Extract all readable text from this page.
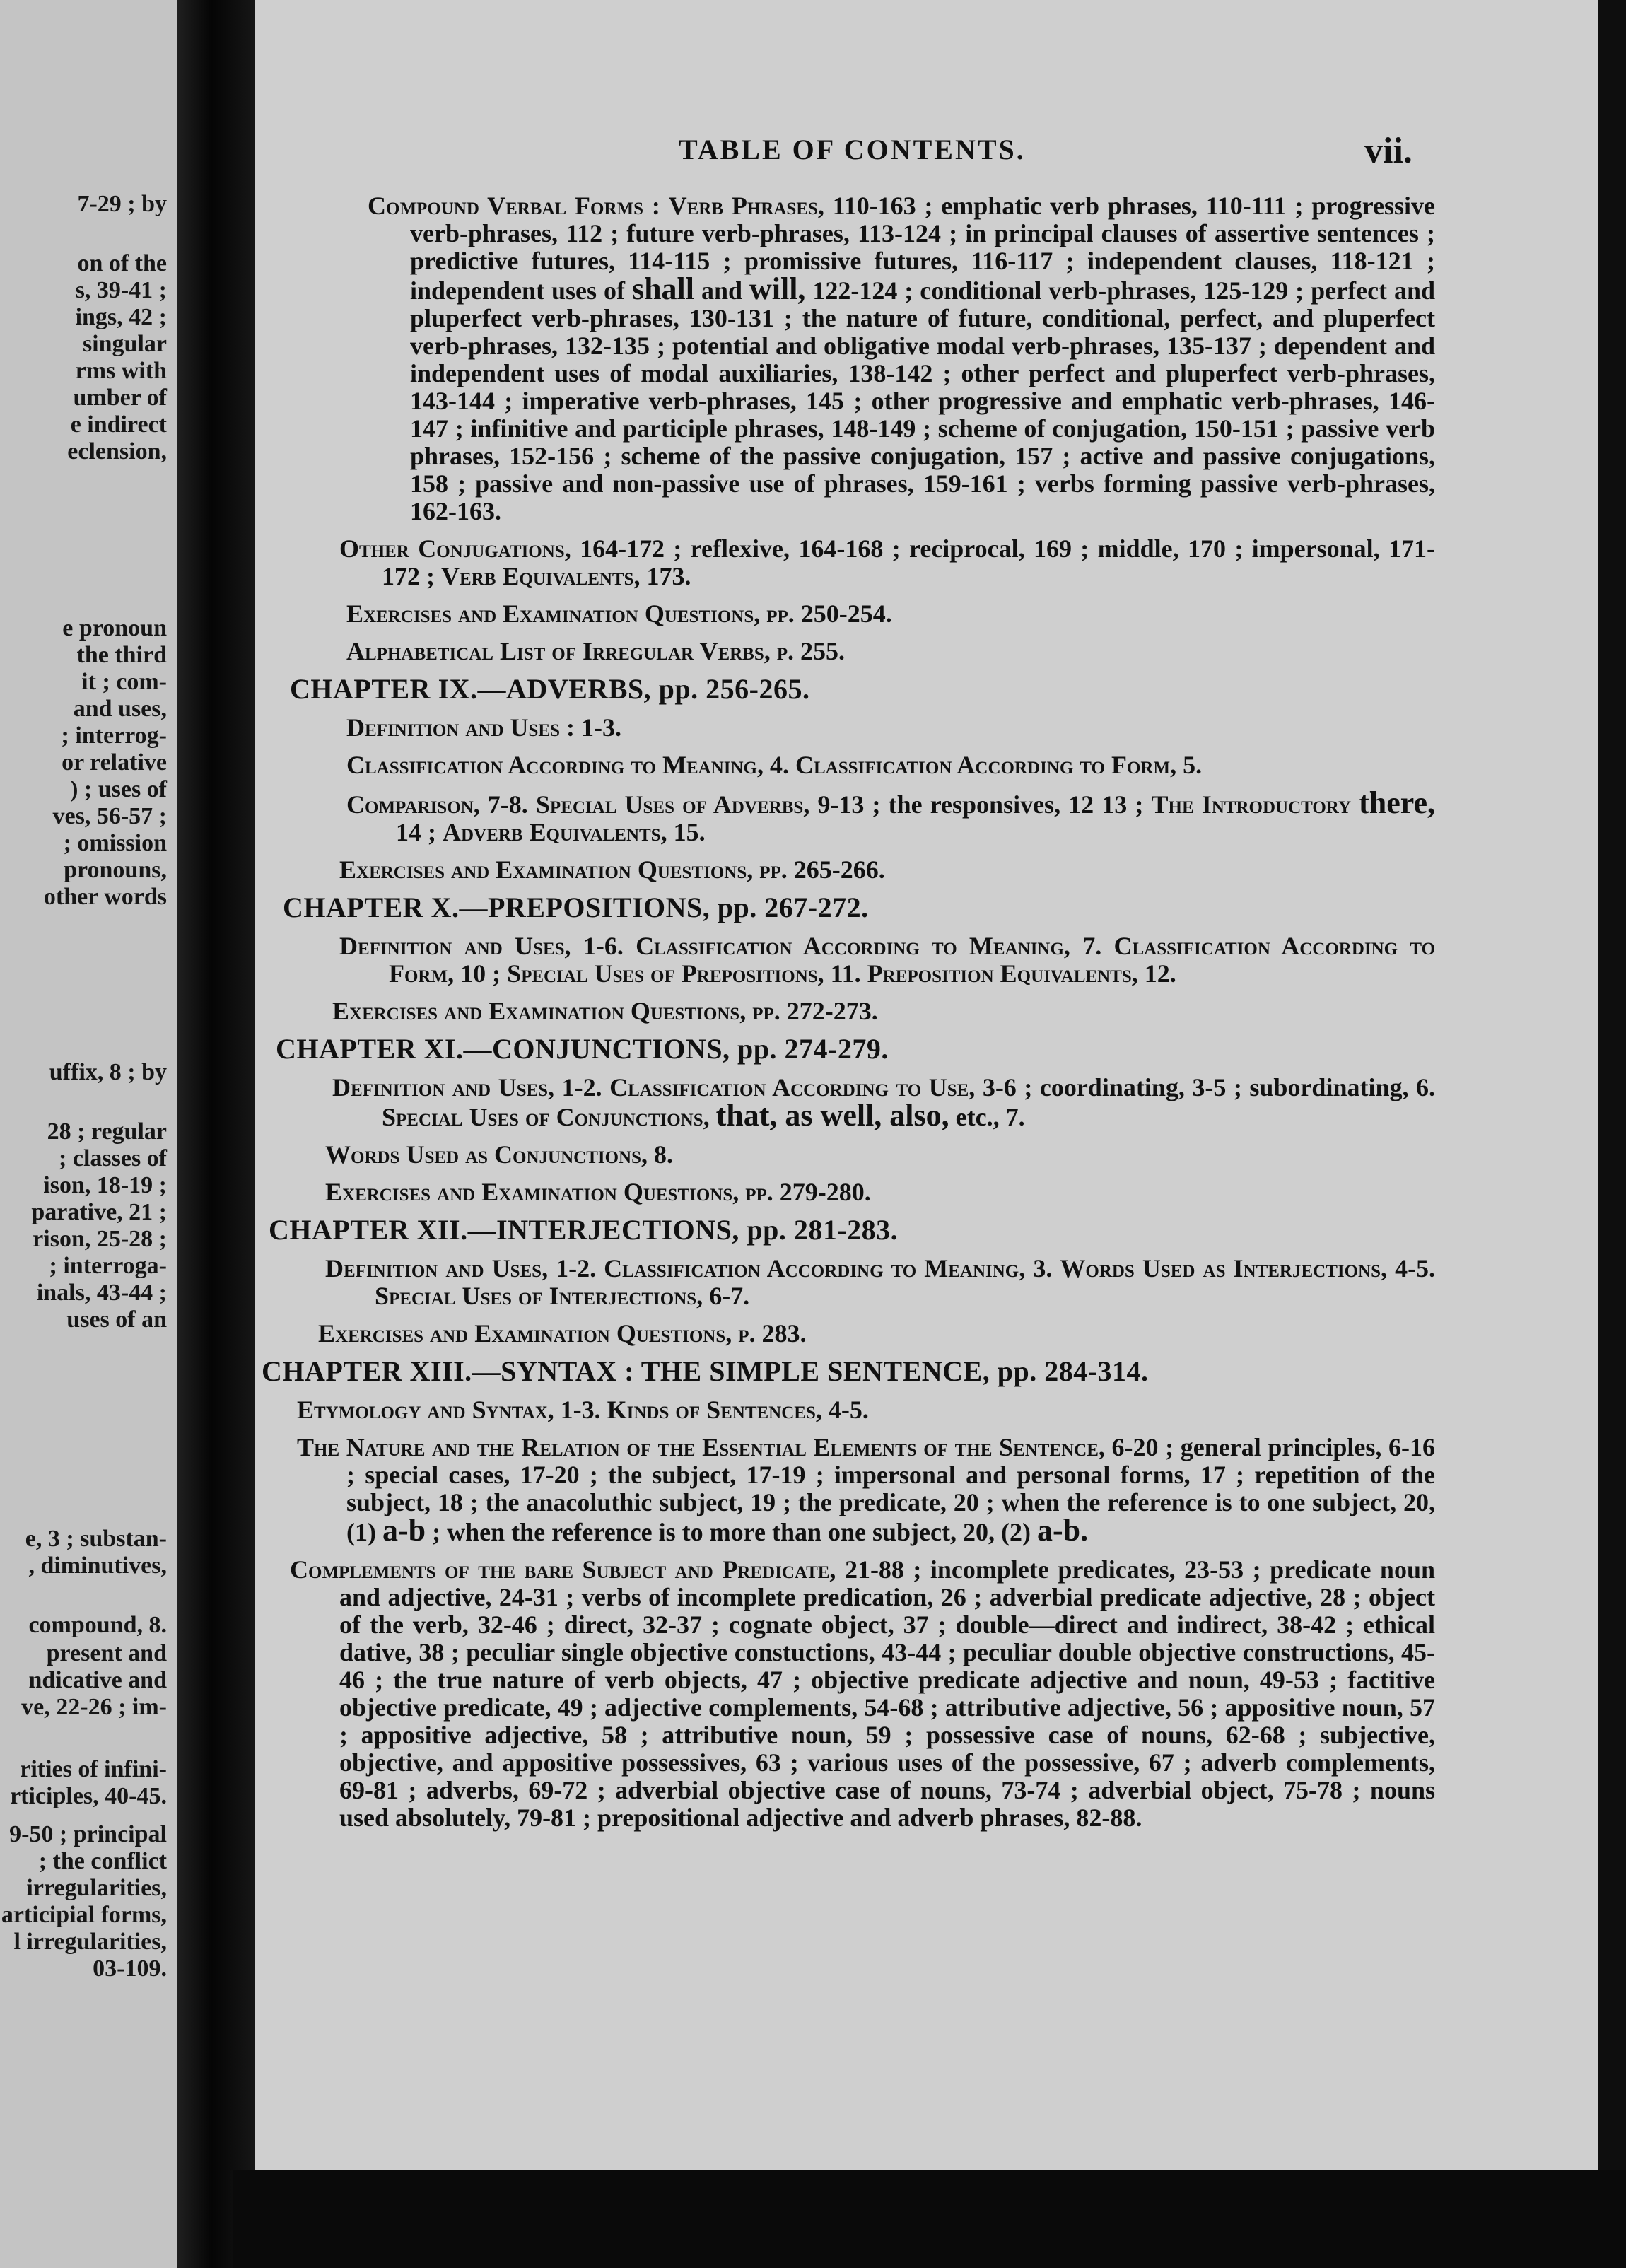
7-29 ; by
on of the
s, 39-41 ;
ings, 42 ;
singular
rms with
umber of
e indirect
eclension,
e pronoun
the third
it ; com-
and uses,
; interrog-
or relative
) ; uses of
ves, 56-57 ;
; omission
pronouns,
other words
uffix, 8 ; by
28 ; regular
; classes of
ison, 18-19 ;
parative, 21 ;
rison, 25-28 ;
; interroga-
inals, 43-44 ;
uses of an
e, 3 ; substan-
, diminutives,
compound, 8.
present and
ndicative and
ve, 22-26 ; im-
rities of infini-
rticiples, 40-45.
9-50 ; principal
; the conflict
irregularities,
articipial forms,
l irregularities,
03-109.
TABLE OF CONTENTS.	vii.
Compound Verbal Forms : Verb Phrases, 110-163 ; emphatic verb phrases, 110-111 ; progressive verb-phrases, 112 ; future verb-phrases, 113-124 ; in principal clauses of assertive sentences ; predictive futures, 114-115 ; promissive futures, 116-117 ; independent clauses, 118-121 ; independent uses of shall and will, 122-124 ; conditional verb-phrases, 125-129 ; perfect and pluperfect verb-phrases, 130-131 ; the nature of future, conditional, perfect, and pluperfect verb-phrases, 132-135 ; potential and obligative modal verb-phrases, 135-137 ; dependent and independent uses of modal auxiliaries, 138-142 ; other perfect and pluperfect verb-phrases, 143-144 ; imperative verb-phrases, 145 ; other progressive and emphatic verb-phrases, 146-147 ; infinitive and participle phrases, 148-149 ; scheme of conjugation, 150-151 ; passive verb phrases, 152-156 ; scheme of the passive conjugation, 157 ; active and passive conjugations, 158 ; passive and non-passive use of phrases, 159-161 ; verbs forming passive verb-phrases, 162-163.
Other Conjugations, 164-172 ; reflexive, 164-168 ; reciprocal, 169 ; middle, 170 ; impersonal, 171-172 ; Verb Equivalents, 173.
Exercises and Examination Questions, pp. 250-254.
Alphabetical List of Irregular Verbs, p. 255.
CHAPTER IX.—ADVERBS, pp. 256-265.
Definition and Uses : 1-3.
Classification According to Meaning, 4. Classification According to Form, 5.
Comparison, 7-8. Special Uses of Adverbs, 9-13 ; the responsives, 12 13 ; The Introductory there, 14 ; Adverb Equivalents, 15.
Exercises and Examination Questions, pp. 265-266.
CHAPTER X.—PREPOSITIONS, pp. 267-272.
Definition and Uses, 1-6. Classification According to Meaning, 7. Classification According to Form, 10 ; Special Uses of Prepositions, 11. Preposition Equivalents, 12.
Exercises and Examination Questions, pp. 272-273.
CHAPTER XI.—CONJUNCTIONS, pp. 274-279.
Definition and Uses, 1-2. Classification According to Use, 3-6 ; coordinating, 3-5 ; subordinating, 6. Special Uses of Conjunctions, that, as well, also, etc., 7.
Words Used as Conjunctions, 8.
Exercises and Examination Questions, pp. 279-280.
CHAPTER XII.—INTERJECTIONS, pp. 281-283.
Definition and Uses, 1-2. Classification According to Meaning, 3. Words Used as Interjections, 4-5. Special Uses of Interjections, 6-7.
Exercises and Examination Questions, p. 283.
CHAPTER XIII.—SYNTAX : THE SIMPLE SENTENCE, pp. 284-314.
Etymology and Syntax, 1-3. Kinds of Sentences, 4-5.
The Nature and the Relation of the Essential Elements of the Sentence, 6-20 ; general principles, 6-16 ; special cases, 17-20 ; the subject, 17-19 ; impersonal and personal forms, 17 ; repetition of the subject, 18 ; the anacoluthic subject, 19 ; the predicate, 20 ; when the reference is to one subject, 20, (1) a-b ; when the reference is to more than one subject, 20, (2) a-b.
Complements of the bare Subject and Predicate, 21-88 ; incomplete predicates, 23-53 ; predicate noun and adjective, 24-31 ; verbs of incomplete predication, 26 ; adverbial predicate adjective, 28 ; object of the verb, 32-46 ; direct, 32-37 ; cognate object, 37 ; double—direct and indirect, 38-42 ; ethical dative, 38 ; peculiar single objective constuctions, 43-44 ; peculiar double objective constructions, 45-46 ; the true nature of verb objects, 47 ; objective predicate adjective and noun, 49-53 ; factitive objective predicate, 49 ; adjective complements, 54-68 ; attributive adjective, 56 ; appositive noun, 57 ; appositive adjective, 58 ; attributive noun, 59 ; possessive case of nouns, 62-68 ; subjective, objective, and appositive possessives, 63 ; various uses of the possessive, 67 ; adverb complements, 69-81 ; adverbs, 69-72 ; adverbial objective case of nouns, 73-74 ; adverbial object, 75-78 ; nouns used absolutely, 79-81 ; prepositional adjective and adverb phrases, 82-88.
